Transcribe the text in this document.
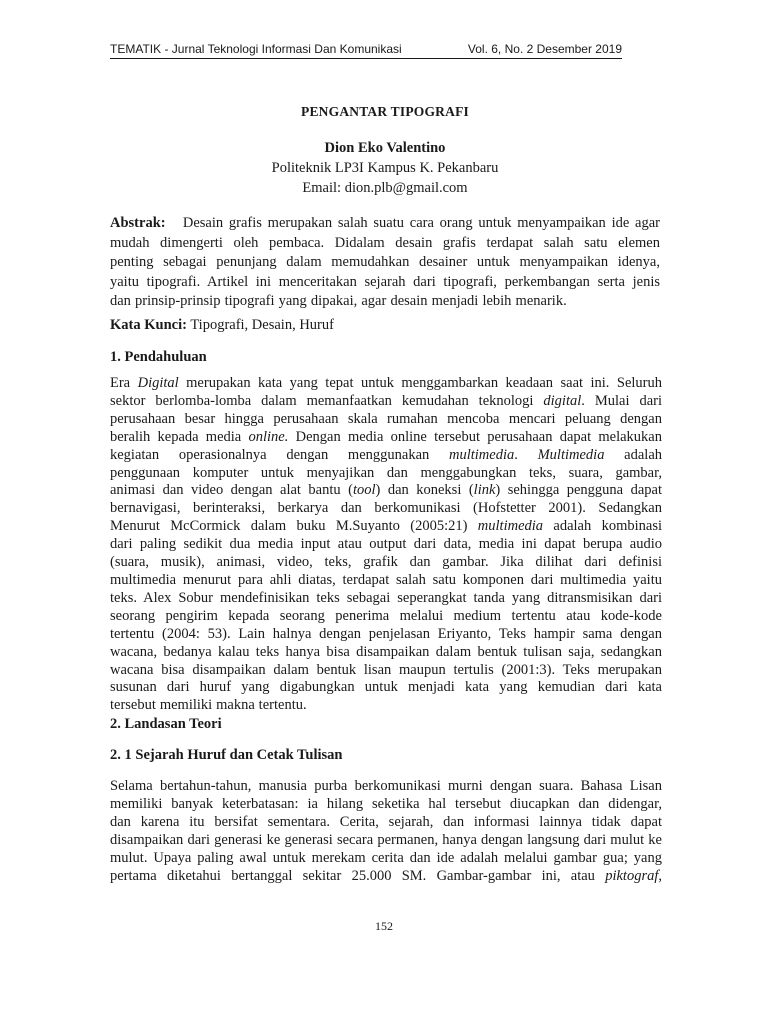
TEMATIK - Jurnal Teknologi Informasi Dan Komunikasi	Vol. 6, No. 2 Desember 2019
PENGANTAR TIPOGRAFI
Dion Eko Valentino
Politeknik LP3I Kampus K. Pekanbaru
Email: dion.plb@gmail.com
Abstrak: Desain grafis merupakan salah suatu cara orang untuk menyampaikan ide agar
mudah dimengerti oleh pembaca. Didalam desain grafis terdapat salah satu elemen
penting sebagai penunjang dalam memudahkan desainer untuk menyampaikan idenya,
yaitu tipografi. Artikel ini menceritakan sejarah dari tipografi, perkembangan serta jenis
dan prinsip-prinsip tipografi yang dipakai, agar desain menjadi lebih menarik.
Kata Kunci: Tipografi, Desain, Huruf
1. Pendahuluan
Era Digital merupakan kata yang tepat untuk menggambarkan keadaan saat ini. Seluruh
sektor berlomba-lomba dalam memanfaatkan kemudahan teknologi digital. Mulai dari
perusahaan besar hingga perusahaan skala rumahan mencoba mencari peluang dengan
beralih kepada media online. Dengan media online tersebut perusahaan dapat melakukan
kegiatan operasionalnya dengan menggunakan multimedia. Multimedia adalah
penggunaan komputer untuk menyajikan dan menggabungkan teks, suara, gambar,
animasi dan video dengan alat bantu (tool) dan koneksi (link) sehingga pengguna dapat
bernavigasi, berinteraksi, berkarya dan berkomunikasi (Hofstetter 2001). Sedangkan
Menurut McCormick dalam buku M.Suyanto (2005:21) multimedia adalah kombinasi
dari paling sedikit dua media input atau output dari data, media ini dapat berupa audio
(suara, musik), animasi, video, teks, grafik dan gambar. Jika dilihat dari definisi
multimedia menurut para ahli diatas, terdapat salah satu komponen dari multimedia yaitu
teks. Alex Sobur mendefinisikan teks sebagai seperangkat tanda yang ditransmisikan dari
seorang pengirim kepada seorang penerima melalui medium tertentu atau kode-kode
tertentu (2004: 53). Lain halnya dengan penjelasan Eriyanto, Teks hampir sama dengan
wacana, bedanya kalau teks hanya bisa disampaikan dalam bentuk tulisan saja, sedangkan
wacana bisa disampaikan dalam bentuk lisan maupun tertulis (2001:3). Teks merupakan
susunan dari huruf yang digabungkan untuk menjadi kata yang kemudian dari kata
tersebut memiliki makna tertentu.
2. Landasan Teori
2. 1 Sejarah Huruf dan Cetak Tulisan
Selama bertahun-tahun, manusia purba berkomunikasi murni dengan suara. Bahasa Lisan
memiliki banyak keterbatasan: ia hilang seketika hal tersebut diucapkan dan didengar,
dan karena itu bersifat sementara. Cerita, sejarah, dan informasi lainnya tidak dapat
disampaikan dari generasi ke generasi secara permanen, hanya dengan langsung dari mulut ke
mulut. Upaya paling awal untuk merekam cerita dan ide adalah melalui gambar gua; yang
pertama diketahui bertanggal sekitar 25.000 SM. Gambar-gambar ini, atau piktograf,
152
